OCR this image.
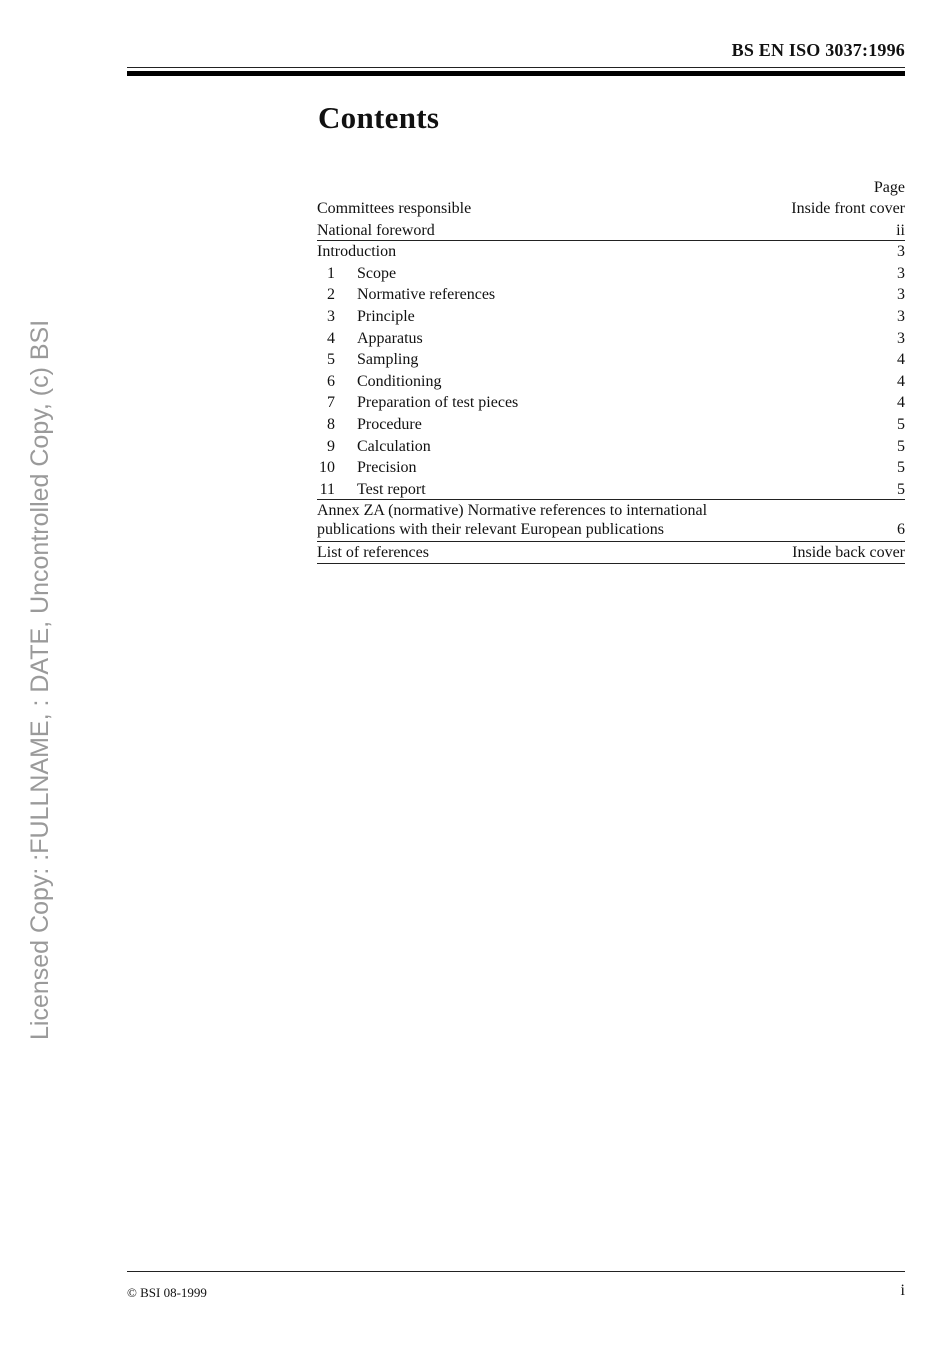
BS EN ISO 3037:1996
Licensed Copy: :FULLNAME, : DATE, Uncontrolled Copy, (c) BSI
Contents
Page
Committees responsible	Inside front cover
National foreword	ii
Introduction	3
1 Scope	3
2 Normative references	3
3 Principle	3
4 Apparatus	3
5 Sampling	4
6 Conditioning	4
7 Preparation of test pieces	4
8 Procedure	5
9 Calculation	5
10 Precision	5
11 Test report	5
Annex ZA (normative) Normative references to international
publications with their relevant European publications	6
List of references	Inside back cover
© BSI 08-1999	i
